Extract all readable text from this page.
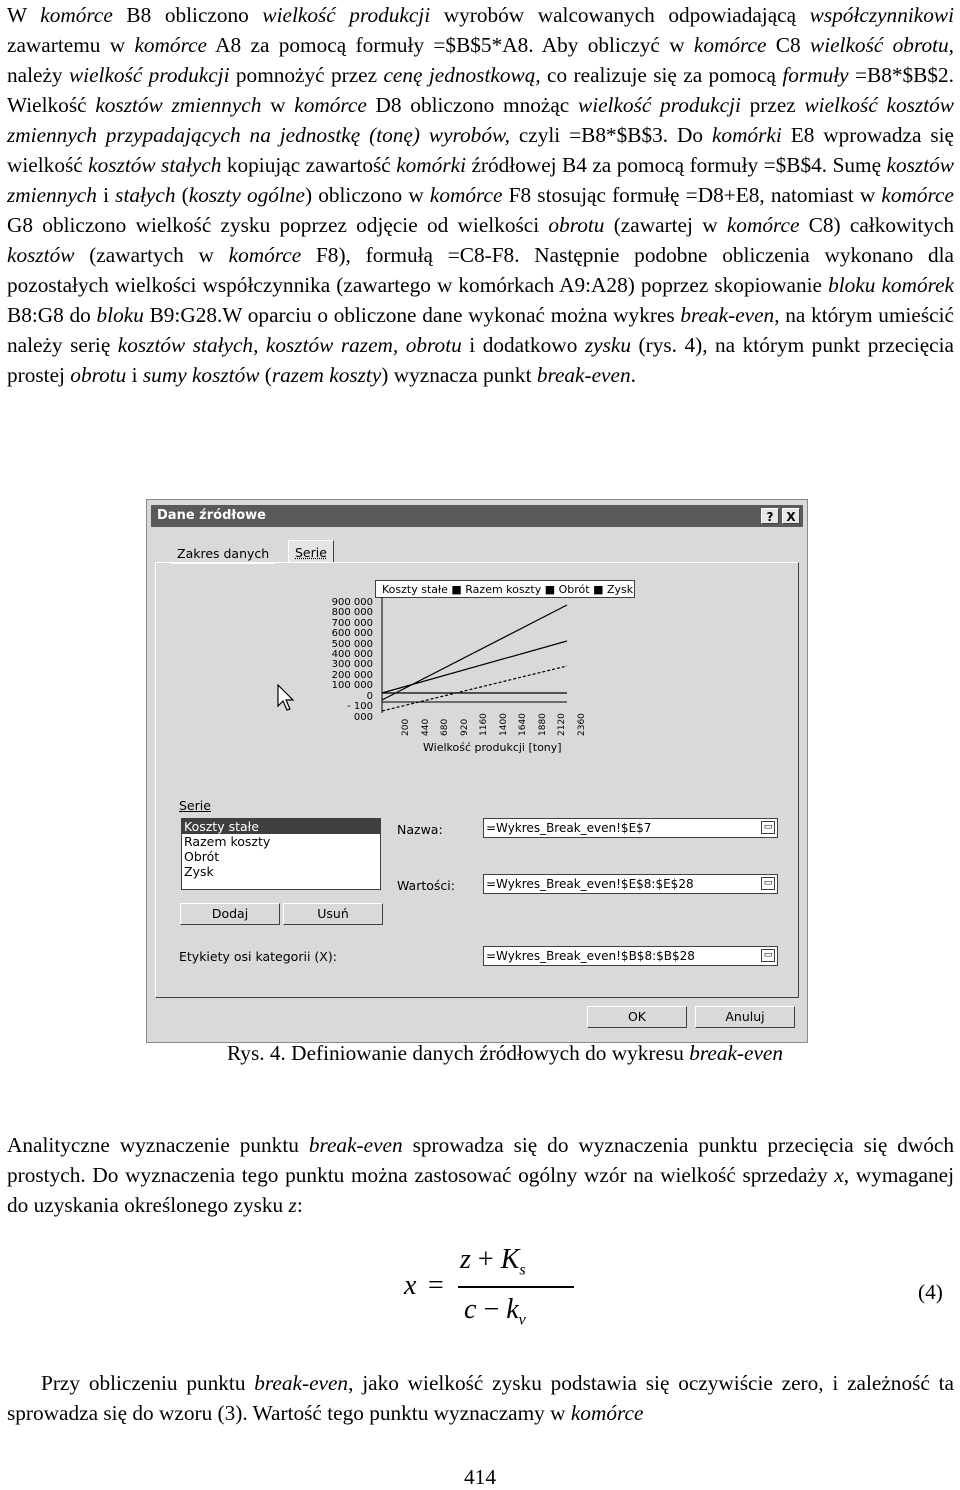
W komórce B8 obliczono wielkość produkcji wyrobów walcowanych odpowiadającą współczynnikowi zawartemu w komórce A8 za pomocą formuły =$B$5*A8. Aby obliczyć w komórce C8 wielkość obrotu, należy wielkość produkcji pomnożyć przez cenę jednostkową, co realizuje się za pomocą formuły =B8*$B$2. Wielkość kosztów zmiennych w komórce D8 obliczono mnożąc wielkość produkcji przez wielkość kosztów zmiennych przypadających na jednostkę (tonę) wyrobów, czyli =B8*$B$3. Do komórki E8 wprowadza się wielkość kosztów stałych kopiując zawartość komórki źródłowej B4 za pomocą formuły =$B$4. Sumę kosztów zmiennych i stałych (koszty ogólne) obliczono w komórce F8 stosując formułę =D8+E8, natomiast w komórce G8 obliczono wielkość zysku poprzez odjęcie od wielkości obrotu (zawartej w komórce C8) całkowitych kosztów (zawartych w komórce F8), formułą =C8-F8. Następnie podobne obliczenia wykonano dla pozostałych wielkości współczynnika (zawartego w komórkach A9:A28) poprzez skopiowanie bloku komórek B8:G8 do bloku B9:G28.W oparciu o obliczone dane wykonać można wykres break-even, na którym umieścić należy serię kosztów stałych, kosztów razem, obrotu i dodatkowo zysku (rys. 4), na którym punkt przecięcia prostej obrotu i sumy kosztów (razem koszty) wyznacza punkt break-even.

Dane źródłowe	?	X
Zakres danych	Serie
Koszty stałe ■ Razem koszty ■ Obrót ■ Zysk
900 000
800 000
700 000
600 000
500 000
400 000
300 000
200 000
100 000
0
- 100 000
200 440 680 920 1160 1400 1640 1880 2120 2360
Wielkość produkcji [tony]
Serie
Koszty stałe
Razem koszty
Obrót
Zysk
Dodaj	Usuń
Nazwa:	=Wykres_Break_even!$E$7	▭
Wartości:	=Wykres_Break_even!$E$8:$E$28	▭
Etykiety osi kategorii (X):	=Wykres_Break_even!$B$8:$B$28	▭
OK	Anuluj
Rys. 4. Definiowanie danych źródłowych do wykresu break-even

Analityczne wyznaczenie punktu break-even sprowadza się do wyznaczenia punktu przecięcia się dwóch prostych. Do wyznaczenia tego punktu można zastosować ogólny wzór na wielkość sprzedaży x, wymaganej do uzyskania określonego zysku z:

x =
$z + K_s$
$c - k_v$
(4)

Przy obliczeniu punktu break-even, jako wielkość zysku podstawia się oczywiście zero, i zależność ta sprowadza się do wzoru (3). Wartość tego punktu wyznaczamy w komórce

414
